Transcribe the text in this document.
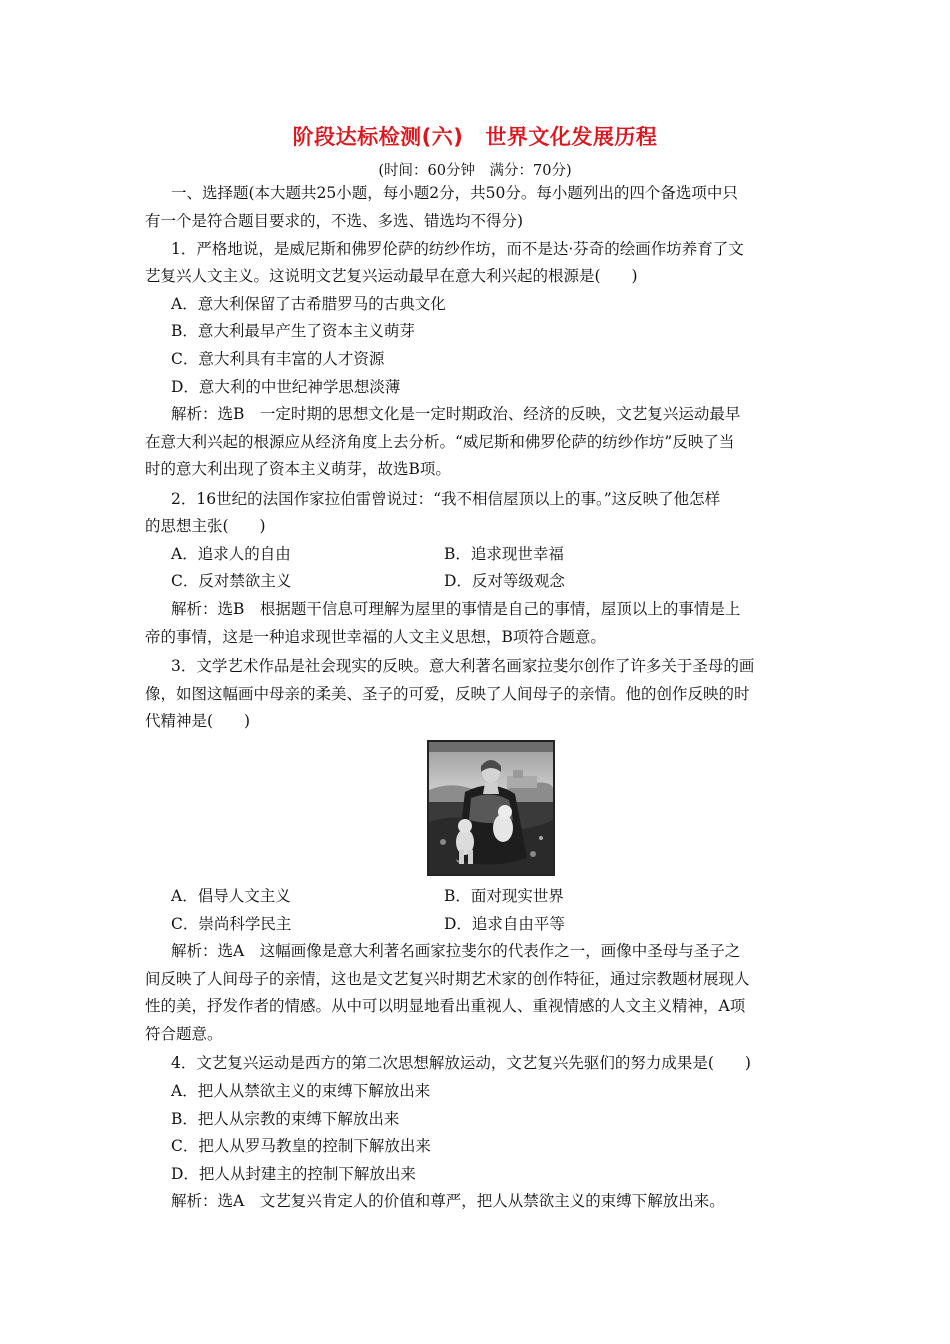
阶段达标检测(六) 世界文化发展历程
(时间：60分钟　满分：70分)
一、选择题(本大题共25小题，每小题2分，共50分。每小题列出的四个备选项中只
有一个是符合题目要求的，不选、多选、错选均不得分)
1．严格地说，是威尼斯和佛罗伦萨的纺纱作坊，而不是达·芬奇的绘画作坊养育了文
艺复兴人文主义。这说明文艺复兴运动最早在意大利兴起的根源是(　　)
A．意大利保留了古希腊罗马的古典文化
B．意大利最早产生了资本主义萌芽
C．意大利具有丰富的人才资源
D．意大利的中世纪神学思想淡薄
解析：选B　一定时期的思想文化是一定时期政治、经济的反映，文艺复兴运动最早
在意大利兴起的根源应从经济角度上去分析。“威尼斯和佛罗伦萨的纺纱作坊”反映了当
时的意大利出现了资本主义萌芽，故选B项。
2．16世纪的法国作家拉伯雷曾说过：“我不相信屋顶以上的事。”这反映了他怎样
的思想主张(　　)
A．追求人的自由	B．追求现世幸福
C．反对禁欲主义	D．反对等级观念
解析：选B　根据题干信息可理解为屋里的事情是自己的事情，屋顶以上的事情是上
帝的事情，这是一种追求现世幸福的人文主义思想，B项符合题意。
3．文学艺术作品是社会现实的反映。意大利著名画家拉斐尔创作了许多关于圣母的画
像，如图这幅画中母亲的柔美、圣子的可爱，反映了人间母子的亲情。他的创作反映的时
代精神是(　　)
A．倡导人文主义	B．面对现实世界
C．崇尚科学民主	D．追求自由平等
解析：选A　这幅画像是意大利著名画家拉斐尔的代表作之一，画像中圣母与圣子之
间反映了人间母子的亲情，这也是文艺复兴时期艺术家的创作特征，通过宗教题材展现人
性的美，抒发作者的情感。从中可以明显地看出重视人、重视情感的人文主义精神，A项
符合题意。
4．文艺复兴运动是西方的第二次思想解放运动，文艺复兴先驱们的努力成果是(　　)
A．把人从禁欲主义的束缚下解放出来
B．把人从宗教的束缚下解放出来
C．把人从罗马教皇的控制下解放出来
D．把人从封建主的控制下解放出来
解析：选A　文艺复兴肯定人的价值和尊严，把人从禁欲主义的束缚下解放出来。
